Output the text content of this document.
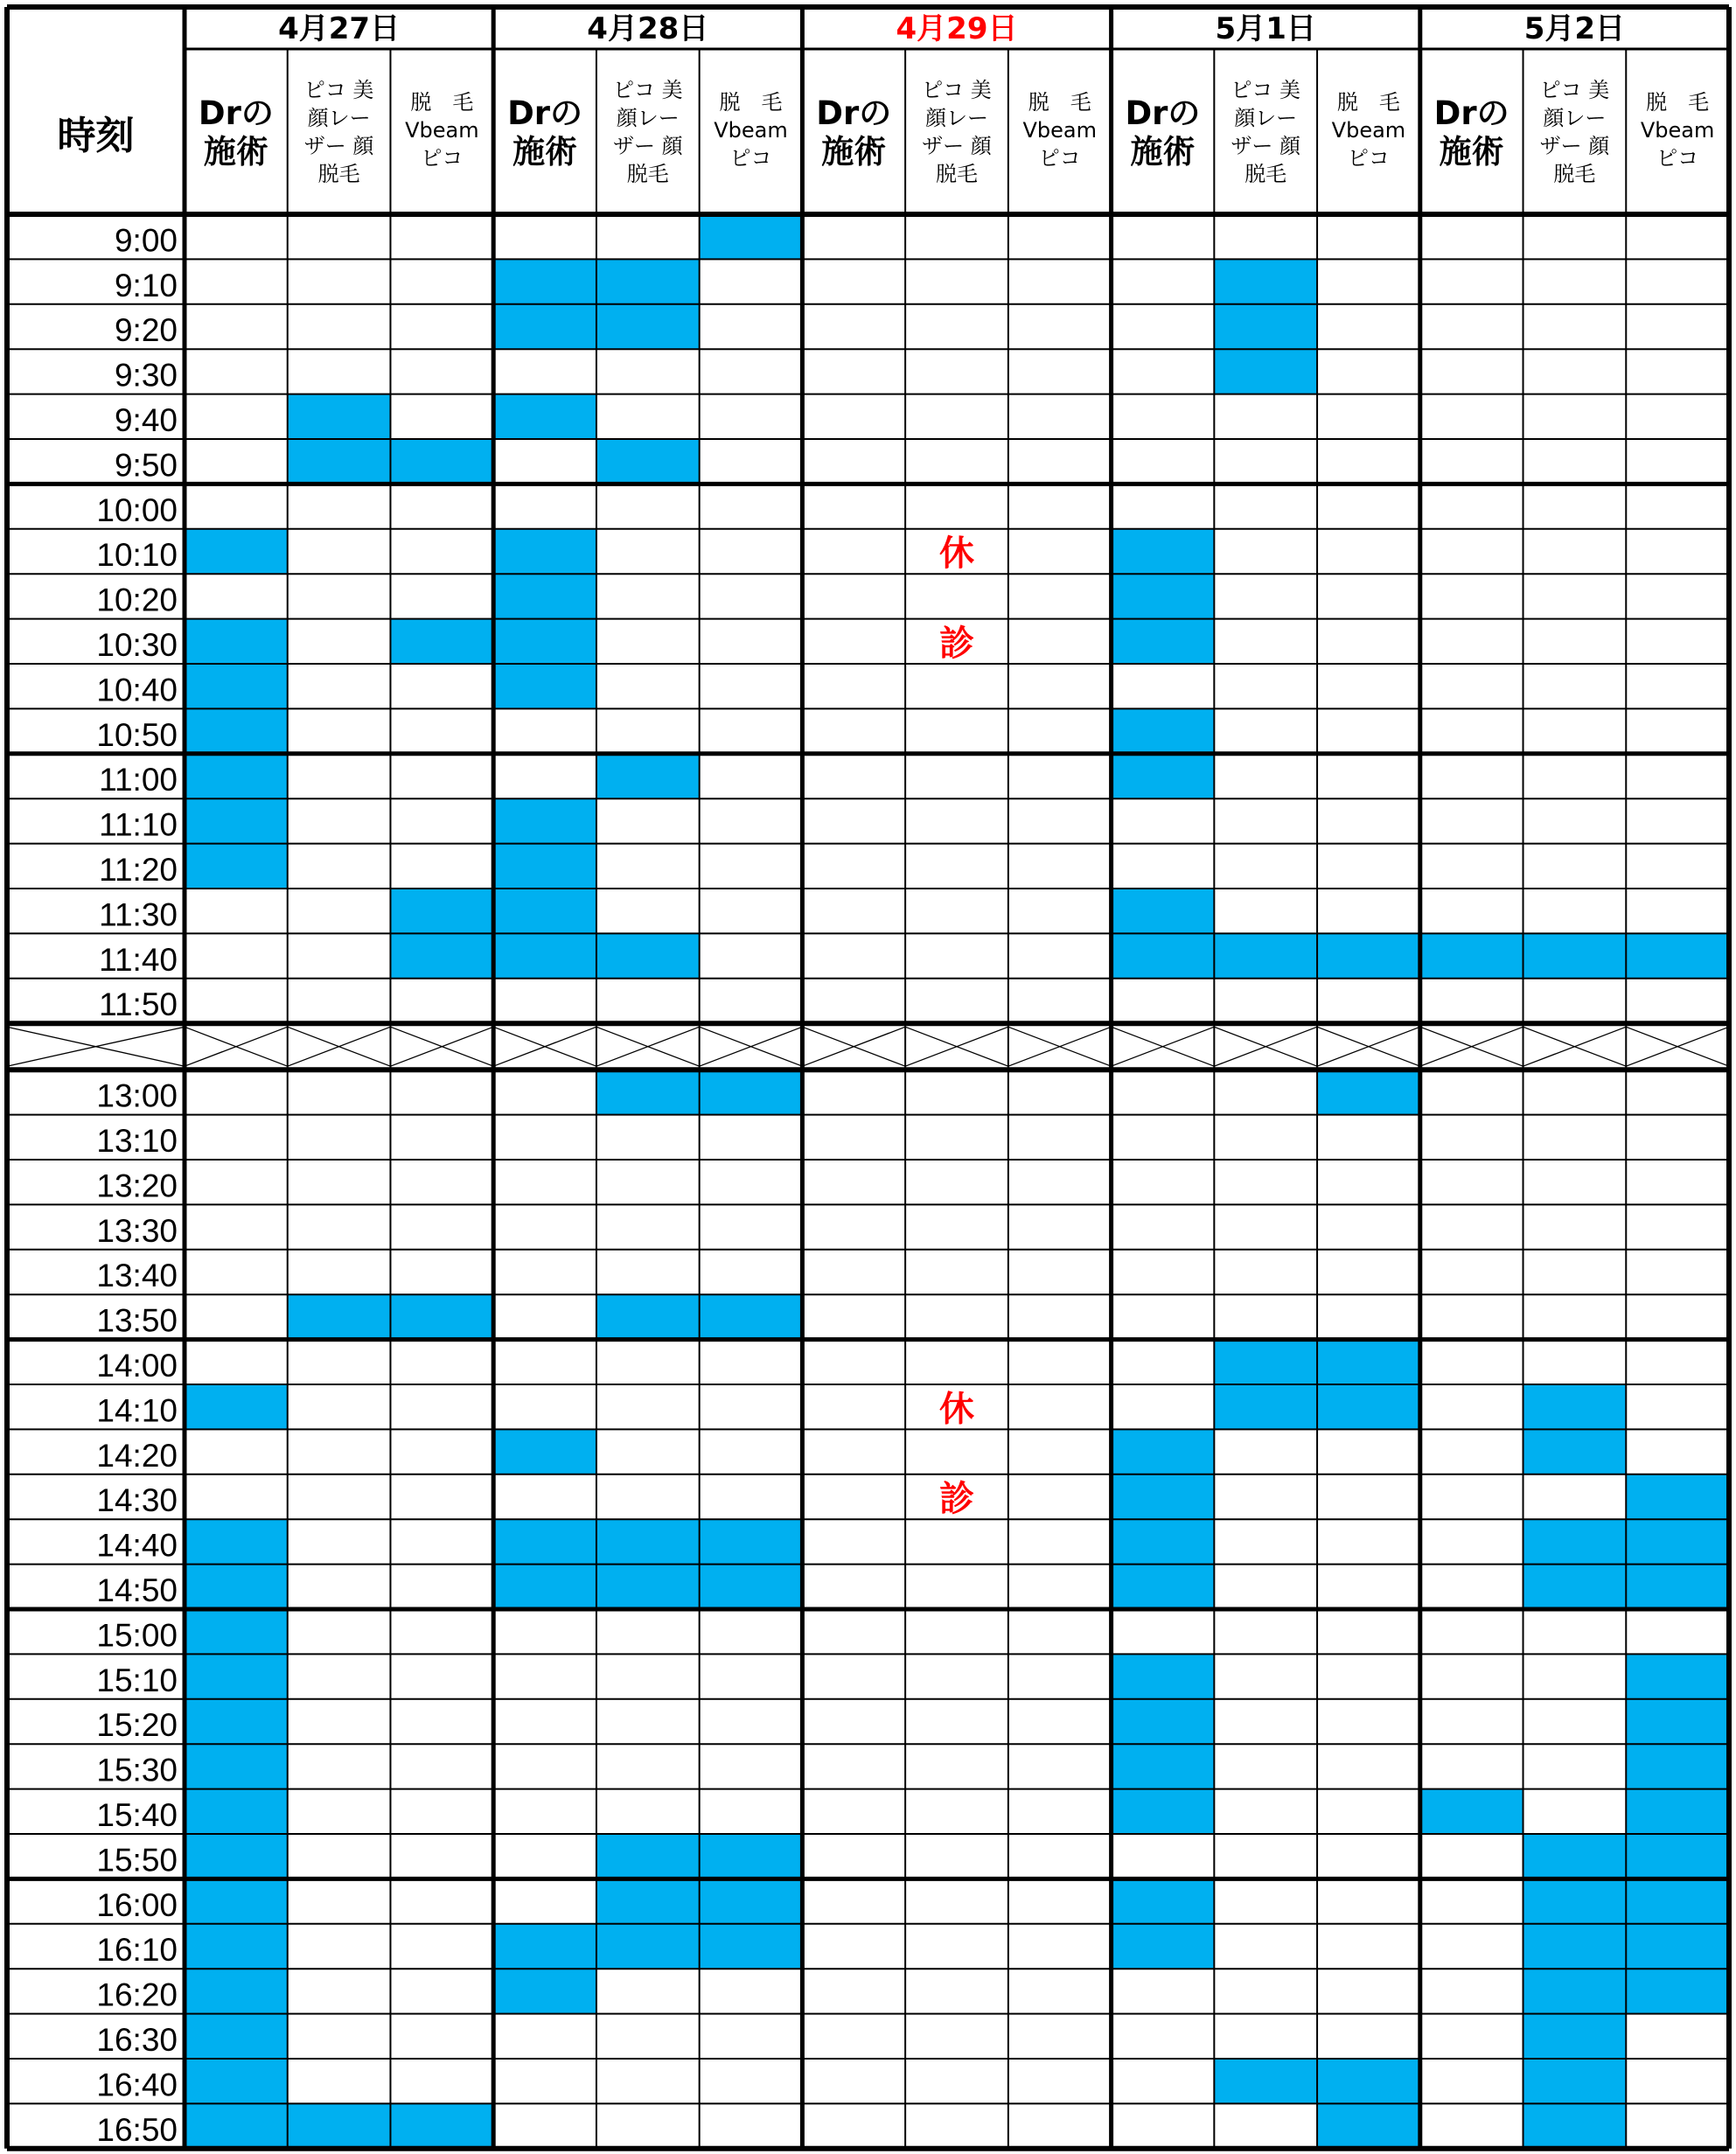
時刻
4月27日
Drの
施術
ピコ 美
顔レー
ザー 顔
脱毛
脱　毛
Vbeam
ピコ
4月28日
Drの
施術
ピコ 美
顔レー
ザー 顔
脱毛
脱　毛
Vbeam
ピコ
4月29日
Drの
施術
ピコ 美
顔レー
ザー 顔
脱毛
脱　毛
Vbeam
ピコ
5月1日
Drの
施術
ピコ 美
顔レー
ザー 顔
脱毛
脱　毛
Vbeam
ピコ
5月2日
Drの
施術
ピコ 美
顔レー
ザー 顔
脱毛
脱　毛
Vbeam
ピコ
9:00
9:10
9:20
9:30
9:40
9:50
10:00
10:10
10:20
10:30
10:40
10:50
11:00
11:10
11:20
11:30
11:40
11:50
13:00
13:10
13:20
13:30
13:40
13:50
14:00
14:10
14:20
14:30
14:40
14:50
15:00
15:10
15:20
15:30
15:40
15:50
16:00
16:10
16:20
16:30
16:40
16:50
休
診
休
診
